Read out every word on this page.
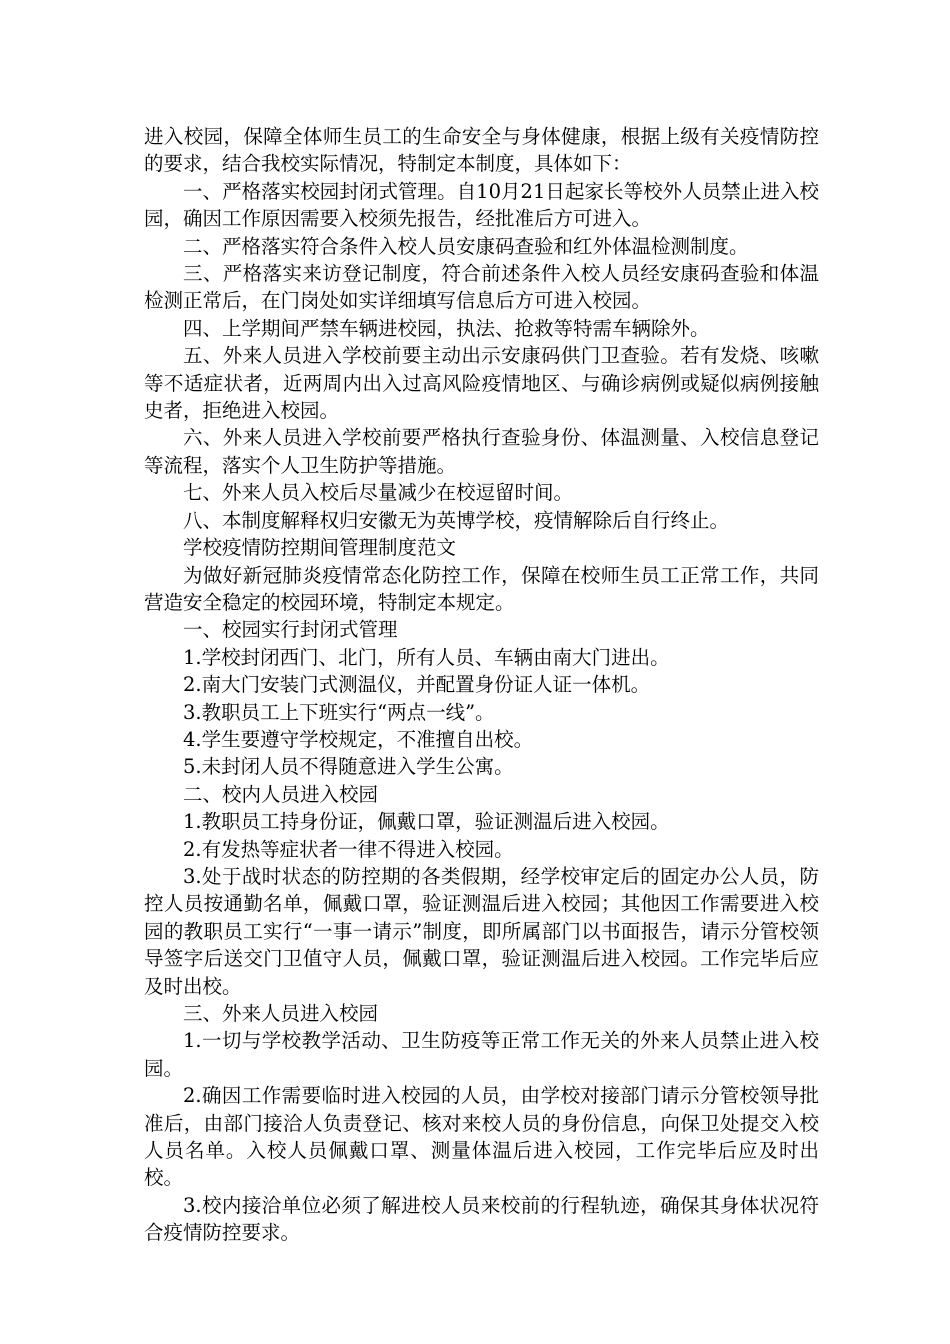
进入校园，保障全体师生员工的生命安全与身体健康，根据上级有关疫情防控的要求，结合我校实际情况，特制定本制度，具体如下：

一、严格落实校园封闭式管理。自10月21日起家长等校外人员禁止进入校园，确因工作原因需要入校须先报告，经批准后方可进入。

二、严格落实符合条件入校人员安康码查验和红外体温检测制度。

三、严格落实来访登记制度，符合前述条件入校人员经安康码查验和体温检测正常后，在门岗处如实详细填写信息后方可进入校园。

四、上学期间严禁车辆进校园，执法、抢救等特需车辆除外。

五、外来人员进入学校前要主动出示安康码供门卫查验。若有发烧、咳嗽等不适症状者，近两周内出入过高风险疫情地区、与确诊病例或疑似病例接触史者，拒绝进入校园。

六、外来人员进入学校前要严格执行查验身份、体温测量、入校信息登记等流程，落实个人卫生防护等措施。

七、外来人员入校后尽量减少在校逗留时间。

八、本制度解释权归安徽无为英博学校，疫情解除后自行终止。

学校疫情防控期间管理制度范文

为做好新冠肺炎疫情常态化防控工作，保障在校师生员工正常工作，共同营造安全稳定的校园环境，特制定本规定。

一、校园实行封闭式管理

1.学校封闭西门、北门，所有人员、车辆由南大门进出。

2.南大门安装门式测温仪，并配置身份证人证一体机。

3.教职员工上下班实行“两点一线”。

4.学生要遵守学校规定，不准擅自出校。

5.未封闭人员不得随意进入学生公寓。

二、校内人员进入校园

1.教职员工持身份证，佩戴口罩，验证测温后进入校园。

2.有发热等症状者一律不得进入校园。

3.处于战时状态的防控期的各类假期，经学校审定后的固定办公人员，防控人员按通勤名单，佩戴口罩，验证测温后进入校园；其他因工作需要进入校园的教职员工实行“一事一请示”制度，即所属部门以书面报告，请示分管校领导签字后送交门卫值守人员，佩戴口罩，验证测温后进入校园。工作完毕后应及时出校。

三、外来人员进入校园

1.一切与学校教学活动、卫生防疫等正常工作无关的外来人员禁止进入校园。

2.确因工作需要临时进入校园的人员，由学校对接部门请示分管校领导批准后，由部门接洽人负责登记、核对来校人员的身份信息，向保卫处提交入校人员名单。入校人员佩戴口罩、测量体温后进入校园，工作完毕后应及时出校。

3.校内接洽单位必须了解进校人员来校前的行程轨迹，确保其身体状况符合疫情防控要求。
